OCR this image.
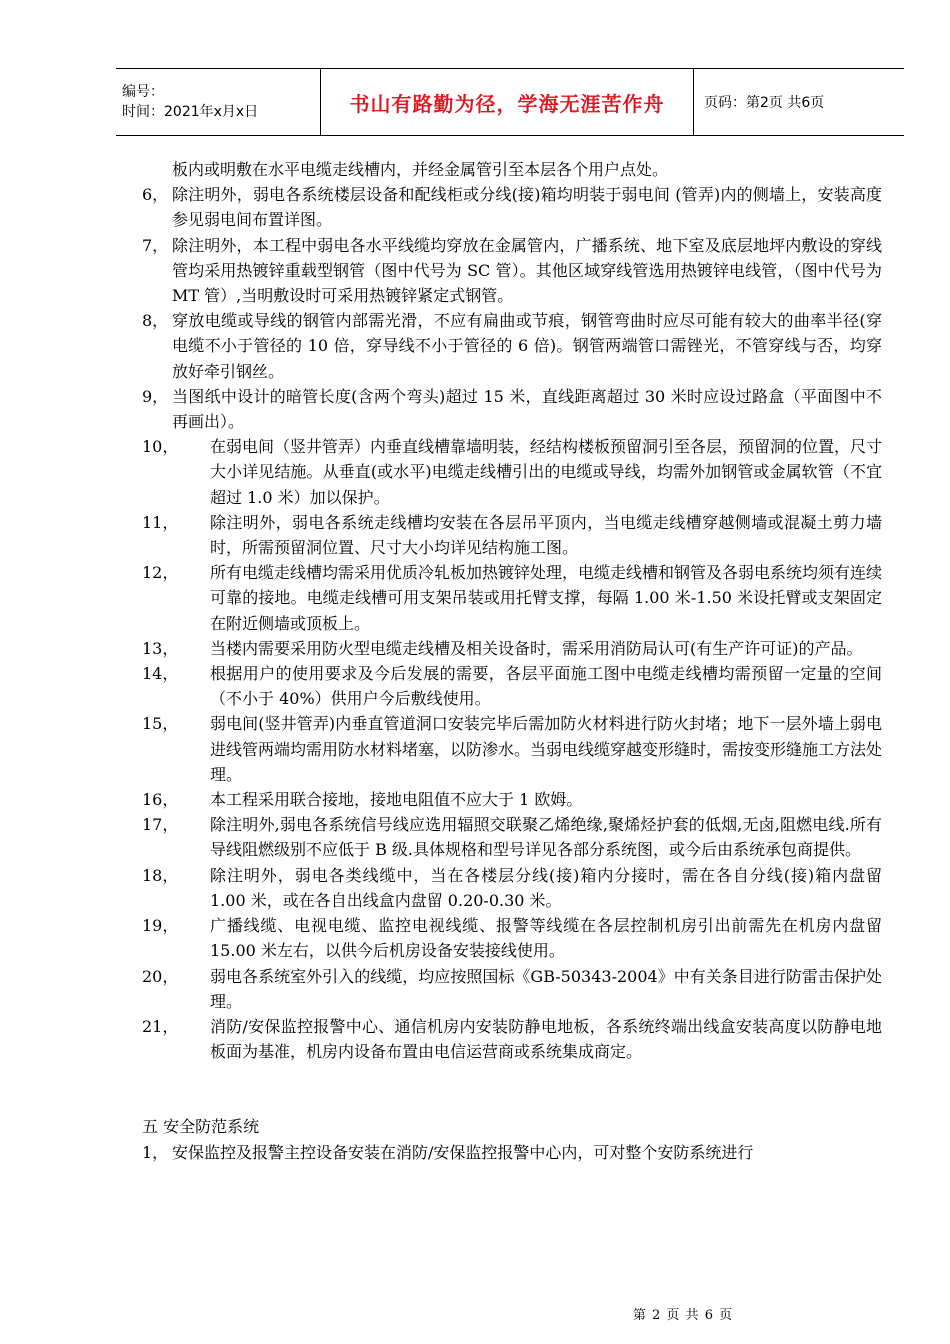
编号：
时间：2021年x月x日	书山有路勤为径，学海无涯苦作舟	页码：第2页 共6页
板内或明敷在水平电缆走线槽内，并经金属管引至本层各个用户点处。
6， 除注明外，弱电各系统楼层设备和配线柜或分线(接)箱均明装于弱电间 (管弄)内的侧墙上，安装高度参见弱电间布置详图。
7， 除注明外，本工程中弱电各水平线缆均穿放在金属管内，广播系统、地下室及底层地坪内敷设的穿线管均采用热镀锌重载型钢管（图中代号为 SC 管）。其他区域穿线管选用热镀锌电线管，（图中代号为 MT 管）,当明敷设时可采用热镀锌紧定式钢管。
8， 穿放电缆或导线的钢管内部需光滑，不应有扁曲或节痕，钢管弯曲时应尽可能有较大的曲率半径(穿电缆不小于管径的 10 倍，穿导线不小于管径的 6 倍)。钢管两端管口需锉光，不管穿线与否，均穿放好牵引钢丝。
9， 当图纸中设计的暗管长度(含两个弯头)超过 15 米，直线距离超过 30 米时应设过路盒（平面图中不再画出）。
10，	在弱电间（竖井管弄）内垂直线槽靠墙明装，经结构楼板预留洞引至各层，预留洞的位置，尺寸大小详见结施。从垂直(或水平)电缆走线槽引出的电缆或导线，均需外加钢管或金属软管（不宜超过 1.0 米）加以保护。
11，	除注明外，弱电各系统走线槽均安装在各层吊平顶内，当电缆走线槽穿越侧墙或混凝土剪力墙时，所需预留洞位置、尺寸大小均详见结构施工图。
12，	所有电缆走线槽均需采用优质冷轧板加热镀锌处理，电缆走线槽和钢管及各弱电系统均须有连续可靠的接地。电缆走线槽可用支架吊装或用托臂支撑，每隔 1.00 米-1.50 米设托臂或支架固定在附近侧墙或顶板上。
13，	当楼内需要采用防火型电缆走线槽及相关设备时，需采用消防局认可(有生产许可证)的产品。
14，	根据用户的使用要求及今后发展的需要，各层平面施工图中电缆走线槽均需预留一定量的空间（不小于 40%）供用户今后敷线使用。
15，	弱电间(竖井管弄)内垂直管道洞口安装完毕后需加防火材料进行防火封堵；地下一层外墙上弱电进线管两端均需用防水材料堵塞，以防渗水。当弱电线缆穿越变形缝时，需按变形缝施工方法处理。
16，	本工程采用联合接地，接地电阻值不应大于 1 欧姆。
17，	除注明外,弱电各系统信号线应选用辐照交联聚乙烯绝缘,聚烯烃护套的低烟,无卤,阻燃电线.所有导线阻燃级别不应低于 B 级.具体规格和型号详见各部分系统图，或今后由系统承包商提供。
18，	除注明外，弱电各类线缆中，当在各楼层分线(接)箱内分接时，需在各自分线(接)箱内盘留 1.00 米，或在各自出线盒内盘留 0.20-0.30 米。
19，	广播线缆、电视电缆、监控电视线缆、报警等线缆在各层控制机房引出前需先在机房内盘留 15.00 米左右，以供今后机房设备安装接线使用。
20，	弱电各系统室外引入的线缆，均应按照国标《GB-50343-2004》中有关条目进行防雷击保护处理。
21，	消防/安保监控报警中心、通信机房内安装防静电地板，各系统终端出线盒安装高度以防静电地板面为基准，机房内设备布置由电信运营商或系统集成商定。
五 安全防范系统
1， 安保监控及报警主控设备安装在消防/安保监控报警中心内，可对整个安防系统进行
第 2 页 共 6 页
